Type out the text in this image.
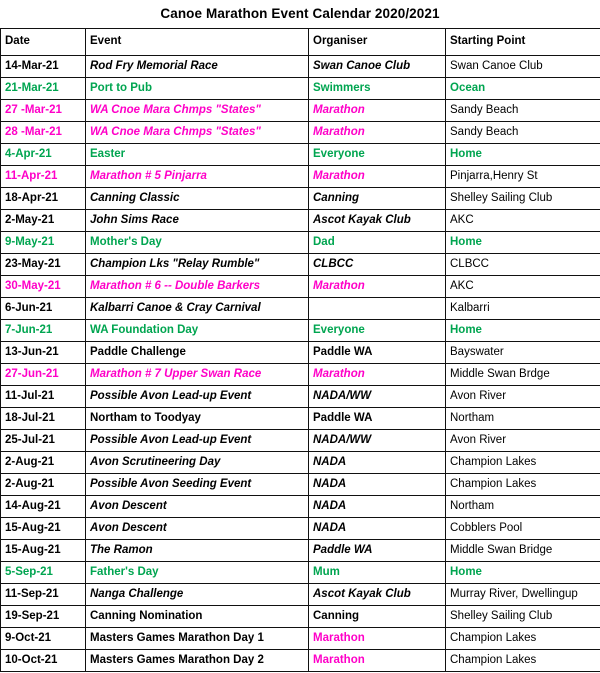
Canoe Marathon Event Calendar 2020/2021
Date	Event	Organiser	Starting Point
14-Mar-21	Rod Fry Memorial Race	Swan Canoe Club	Swan Canoe Club
21-Mar-21	Port to Pub	Swimmers	Ocean
27 -Mar-21	WA Cnoe Mara Chmps "States"	Marathon	Sandy Beach
28 -Mar-21	WA Cnoe Mara Chmps "States"	Marathon	Sandy Beach
4-Apr-21	Easter	Everyone	Home
11-Apr-21	Marathon # 5 Pinjarra	Marathon	Pinjarra,Henry St
18-Apr-21	Canning Classic	Canning	Shelley Sailing Club
2-May-21	John Sims Race	Ascot Kayak Club	AKC
9-May-21	Mother's Day	Dad	Home
23-May-21	Champion Lks "Relay Rumble"	CLBCC	CLBCC
30-May-21	Marathon # 6 -- Double Barkers	Marathon	AKC
6-Jun-21	Kalbarri Canoe & Cray Carnival		Kalbarri
7-Jun-21	WA Foundation Day	Everyone	Home
13-Jun-21	Paddle Challenge	Paddle WA	Bayswater
27-Jun-21	Marathon # 7 Upper Swan Race	Marathon	Middle Swan Brdge
11-Jul-21	Possible Avon Lead-up Event	NADA/WW	Avon River
18-Jul-21	Northam to Toodyay	Paddle WA	Northam
25-Jul-21	Possible Avon Lead-up Event	NADA/WW	Avon River
2-Aug-21	Avon Scrutineering Day	NADA	Champion Lakes
2-Aug-21	Possible Avon Seeding Event	NADA	Champion Lakes
14-Aug-21	Avon Descent	NADA	Northam
15-Aug-21	Avon Descent	NADA	Cobblers Pool
15-Aug-21	The Ramon	Paddle WA	Middle Swan Bridge
5-Sep-21	Father's Day	Mum	Home
11-Sep-21	Nanga Challenge	Ascot Kayak Club	Murray River, Dwellingup
19-Sep-21	Canning Nomination	Canning	Shelley Sailing Club
9-Oct-21	Masters Games Marathon Day 1	Marathon	Champion Lakes
10-Oct-21	Masters Games Marathon Day 2	Marathon	Champion Lakes
